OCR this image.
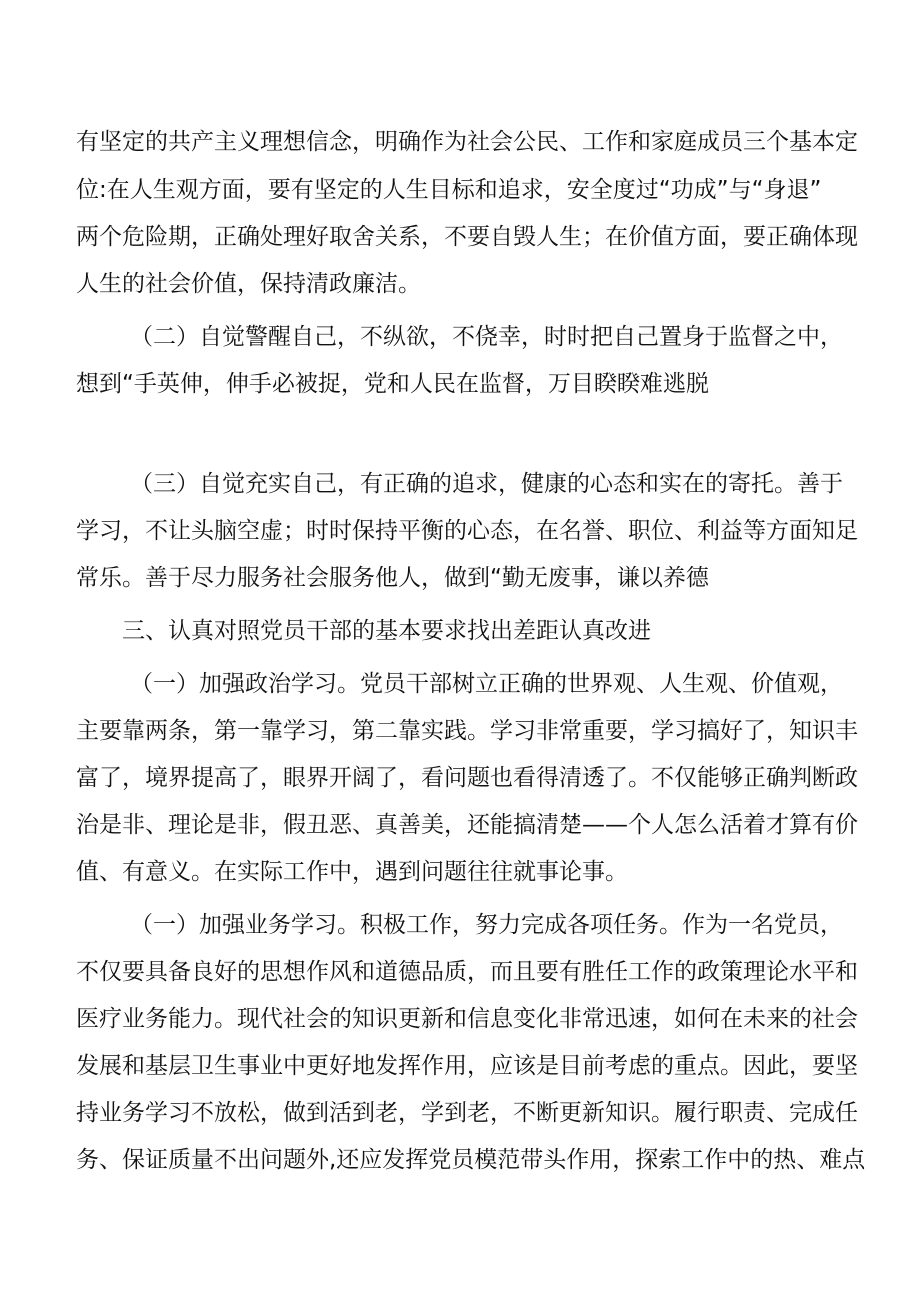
有坚定的共产主义理想信念，明确作为社会公民、工作和家庭成员三个基本定
位:在人生观方面，要有坚定的人生目标和追求，安全度过“功成”与“身退”
两个危险期，正确处理好取舍关系，不要自毁人生；在价值方面，要正确体现
人生的社会价值，保持清政廉洁。
（二）自觉警醒自己，不纵欲，不侥幸，时时把自己置身于监督之中，
想到“手英伸，伸手必被捉，党和人民在监督，万目睽睽难逃脱
（三）自觉充实自己，有正确的追求，健康的心态和实在的寄托。善于
学习，不让头脑空虚；时时保持平衡的心态，在名誉、职位、利益等方面知足
常乐。善于尽力服务社会服务他人，做到“勤无废事，谦以养德
三、认真对照党员干部的基本要求找出差距认真改进
（一）加强政治学习。党员干部树立正确的世界观、人生观、价值观，
主要靠两条，第一靠学习，第二靠实践。学习非常重要，学习搞好了，知识丰
富了，境界提高了，眼界开阔了，看问题也看得清透了。不仅能够正确判断政
治是非、理论是非，假丑恶、真善美，还能搞清楚——个人怎么活着才算有价
值、有意义。在实际工作中，遇到问题往往就事论事。
（一）加强业务学习。积极工作，努力完成各项任务。作为一名党员，
不仅要具备良好的思想作风和道德品质，而且要有胜任工作的政策理论水平和
医疗业务能力。现代社会的知识更新和信息变化非常迅速，如何在未来的社会
发展和基层卫生事业中更好地发挥作用，应该是目前考虑的重点。因此，要坚
持业务学习不放松，做到活到老，学到老，不断更新知识。履行职责、完成任
务、保证质量不出问题外,还应发挥党员模范带头作用，探索工作中的热、难点
